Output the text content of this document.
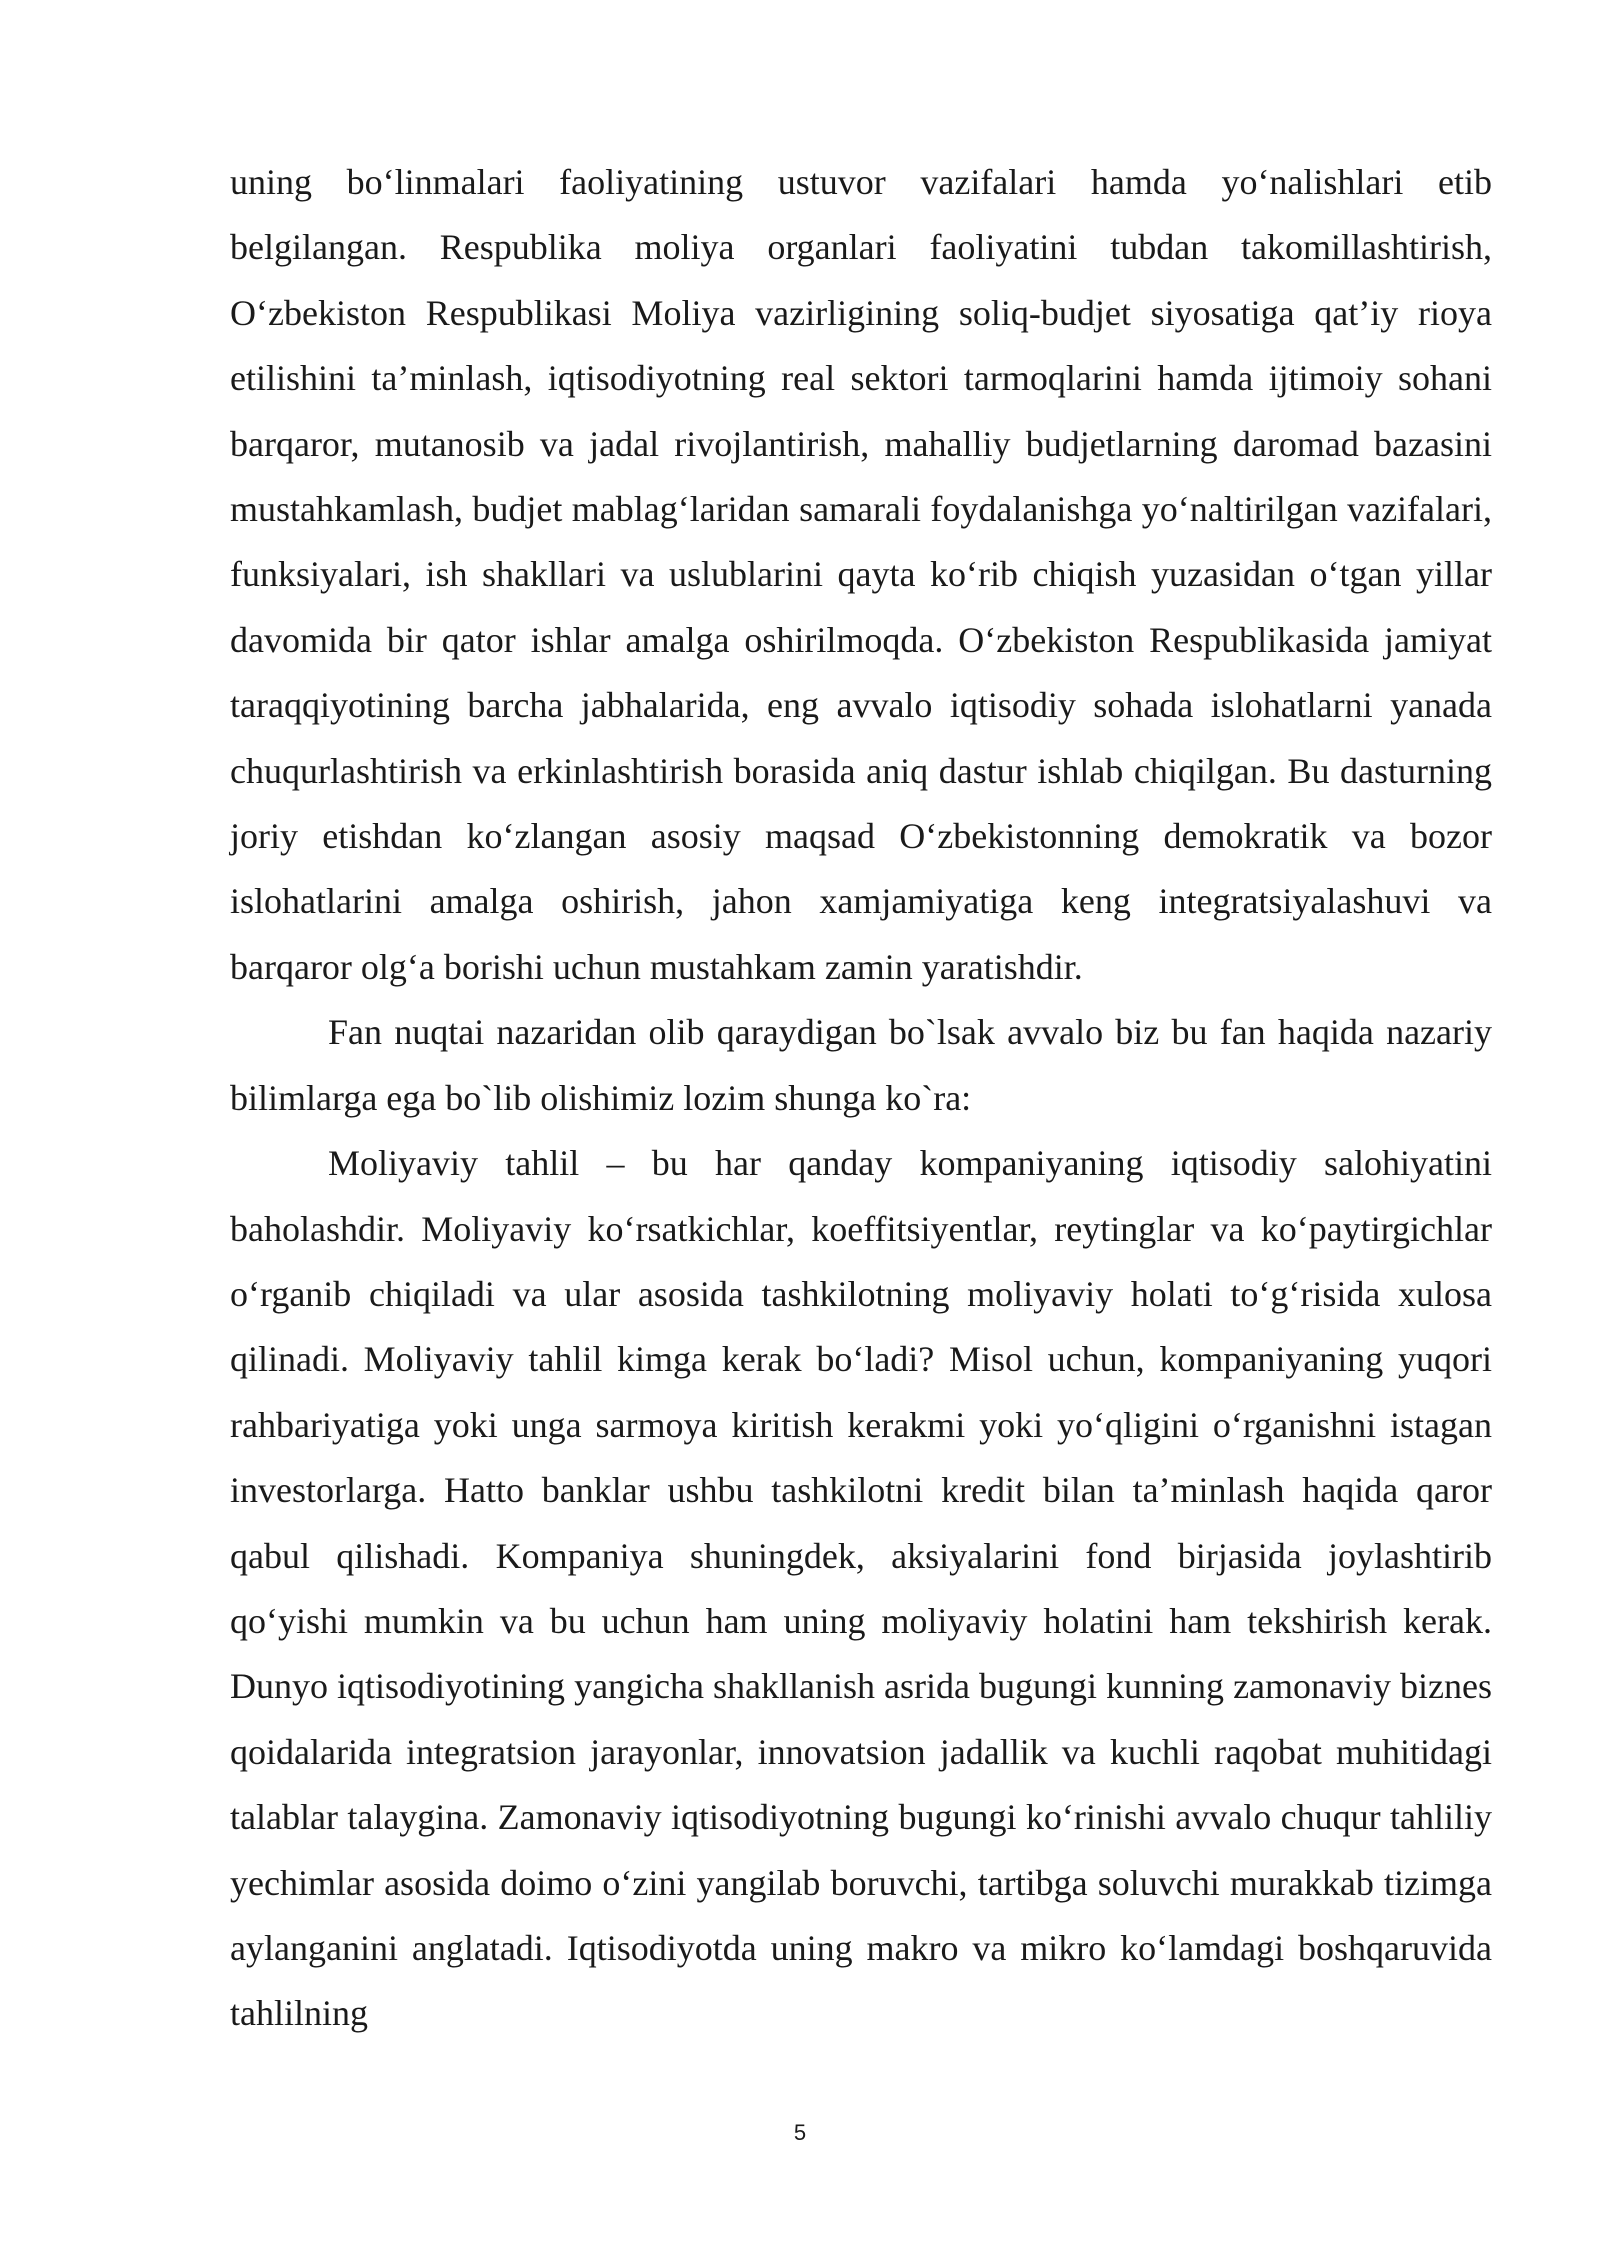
uning bo‘linmalari faoliyatining ustuvor vazifalari hamda yo‘nalishlari etib belgilangan. Respublika moliya organlari faoliyatini tubdan takomillashtirish, O‘zbekiston Respublikasi Moliya vazirligining soliq-budjet siyosatiga qat’iy rioya etilishini ta’minlash, iqtisodiyotning real sektori tarmoqlarini hamda ijtimoiy sohani barqaror, mutanosib va jadal rivojlantirish, mahalliy budjetlarning daromad bazasini mustahkamlash, budjet mablag‘laridan samarali foydalanishga yo‘naltirilgan vazifalari, funksiyalari, ish shakllari va uslublarini qayta ko‘rib chiqish yuzasidan o‘tgan yillar davomida bir qator ishlar amalga oshirilmoqda. O‘zbekiston Respublikasida jamiyat taraqqiyotining barcha jabhalarida, eng avvalo iqtisodiy sohada islohatlarni yanada chuqurlashtirish va erkinlashtirish borasida aniq dastur ishlab chiqilgan. Bu dasturning joriy etishdan ko‘zlangan asosiy maqsad O‘zbekistonning demokratik va bozor islohatlarini amalga oshirish, jahon xamjamiyatiga keng integratsiyalashuvi va barqaror olg‘a borishi uchun mustahkam zamin yaratishdir.

Fan nuqtai nazaridan olib qaraydigan bo`lsak avvalo biz bu fan haqida nazariy bilimlarga ega bo`lib olishimiz lozim shunga ko`ra:

Moliyaviy tahlil – bu har qanday kompaniyaning iqtisodiy salohiyatini baholashdir. Moliyaviy ko‘rsatkichlar, koeffitsiyentlar, reytinglar va ko‘paytirgichlar o‘rganib chiqiladi va ular asosida tashkilotning moliyaviy holati to‘g‘risida xulosa qilinadi. Moliyaviy tahlil kimga kerak bo‘ladi? Misol uchun, kompaniyaning yuqori rahbariyatiga yoki unga sarmoya kiritish kerakmi yoki yo‘qligini o‘rganishni istagan investorlarga. Hatto banklar ushbu tashkilotni kredit bilan ta’minlash haqida qaror qabul qilishadi. Kompaniya shuningdek, aksiyalarini fond birjasida joylashtirib qo‘yishi mumkin va bu uchun ham uning moliyaviy holatini ham tekshirish kerak. Dunyo iqtisodiyotining yangicha shakllanish asrida bugungi kunning zamonaviy biznes qoidalarida integratsion jarayonlar, innovatsion jadallik va kuchli raqobat muhitidagi talablar talaygina. Zamonaviy iqtisodiyotning bugungi ko‘rinishi avvalo chuqur tahliliy yechimlar asosida doimo o‘zini yangilab boruvchi, tartibga soluvchi murakkab tizimga aylanganini anglatadi. Iqtisodiyotda uning makro va mikro ko‘lamdagi boshqaruvida tahlilning

5
